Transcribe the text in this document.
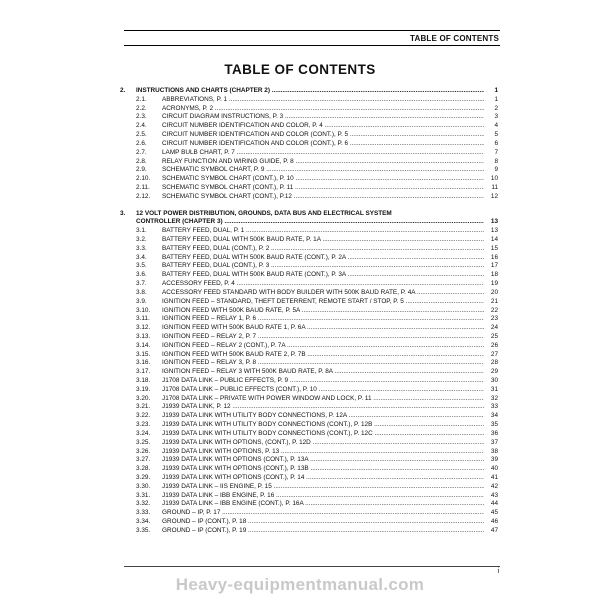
TABLE OF CONTENTS
TABLE OF CONTENTS
2. INSTRUCTIONS AND CHARTS (CHAPTER 2) .....	1
2.1.	ABBREVIATIONS, P. 1 .....	1
2.2.	ACRONYMS, P. 2 .....	2
2.3.	CIRCUIT DIAGRAM INSTRUCTIONS, P. 3 .....	3
2.4.	CIRCUIT NUMBER IDENTIFICATION AND COLOR, P. 4 .....	4
2.5.	CIRCUIT NUMBER IDENTIFICATION AND COLOR (CONT.), P. 5 .....	5
2.6.	CIRCUIT NUMBER IDENTIFICATION AND COLOR (CONT.), P. 6 .....	6
2.7.	LAMP BULB CHART, P. 7 .....	7
2.8.	RELAY FUNCTION AND WIRING GUIDE, P. 8 .....	8
2.9.	SCHEMATIC SYMBOL CHART, P. 9 .....	9
2.10.	SCHEMATIC SYMBOL CHART (CONT.), P. 10 .....	10
2.11.	SCHEMATIC SYMBOL CHART (CONT.), P. 11 .....	11
2.12.	SCHEMATIC SYMBOL CHART (CONT.), P.12 .....	12
3. 12 VOLT POWER DISTRIBUTION, GROUNDS, DATA BUS AND ELECTRICAL SYSTEM
CONTROLLER (CHAPTER 3) .....	13
3.1.	BATTERY FEED, DUAL, P. 1 .....	13
3.2.	BATTERY FEED, DUAL WITH 500K BAUD RATE, P. 1A .....	14
3.3.	BATTERY FEED, DUAL (CONT.), P. 2 .....	15
3.4.	BATTERY FEED, DUAL WITH 500K BAUD RATE (CONT.), P. 2A .....	16
3.5.	BATTERY FEED, DUAL (CONT.), P. 3 .....	17
3.6.	BATTERY FEED, DUAL WITH 500K BAUD RATE (CONT.), P. 3A .....	18
3.7.	ACCESSORY FEED, P. 4 .....	19
3.8.	ACCESSORY FEED STANDARD WITH BODY BUILDER WITH 500K BAUD RATE, P. 4A .....	20
3.9.	IGNITION FEED – STANDARD, THEFT DETERRENT, REMOTE START / STOP, P. 5 .....	21
3.10.	IGNITION FEED WITH 500K BAUD RATE, P. 5A .....	22
3.11.	IGNITION FEED – RELAY 1, P. 6 .....	23
3.12.	IGNITION FEED WITH 500K BAUD RATE 1, P. 6A .....	24
3.13.	IGNITION FEED – RELAY 2, P. 7 .....	25
3.14.	IGNITION FEED – RELAY 2 (CONT.), P. 7A .....	26
3.15.	IGNITION FEED WITH 500K BAUD RATE 2, P. 7B .....	27
3.16.	IGNITION FEED – RELAY 3, P. 8 .....	28
3.17.	IGNITION FEED – RELAY 3 WITH 500K BAUD RATE, P. 8A .....	29
3.18.	J1708 DATA LINK – PUBLIC EFFECTS, P. 9 .....	30
3.19.	J1708 DATA LINK – PUBLIC EFFECTS (CONT.), P. 10 .....	31
3.20.	J1708 DATA LINK – PRIVATE WITH POWER WINDOW AND LOCK, P. 11 .....	32
3.21.	J1939 DATA LINK, P. 12 .....	33
3.22.	J1939 DATA LINK WITH UTILITY BODY CONNECTIONS, P. 12A .....	34
3.23.	J1939 DATA LINK WITH UTILITY BODY CONNECTIONS (CONT.), P. 12B .....	35
3.24.	J1939 DATA LINK WITH UTILITY BODY CONNECTIONS (CONT.), P. 12C .....	36
3.25.	J1939 DATA LINK WITH OPTIONS, (CONT.), P. 12D .....	37
3.26.	J1939 DATA LINK WITH OPTIONS, P. 13 .....	38
3.27.	J1939 DATA LINK WITH OPTIONS (CONT.), P. 13A .....	39
3.28.	J1939 DATA LINK WITH OPTIONS (CONT.), P. 13B .....	40
3.29.	J1939 DATA LINK WITH OPTIONS (CONT.), P. 14 .....	41
3.30.	J1939 DATA LINK – IIS ENGINE, P. 15 .....	42
3.31.	J1939 DATA LINK – IBB ENGINE, P. 16 .....	43
3.32.	J1939 DATA LINK – IBB ENGINE (CONT.), P. 16A .....	44
3.33.	GROUND – IP, P. 17 .....	45
3.34.	GROUND – IP (CONT.), P. 18 .....	46
3.35.	GROUND – IP (CONT.), P. 19 .....	47
i
Heavy-equipmentmanual.com
